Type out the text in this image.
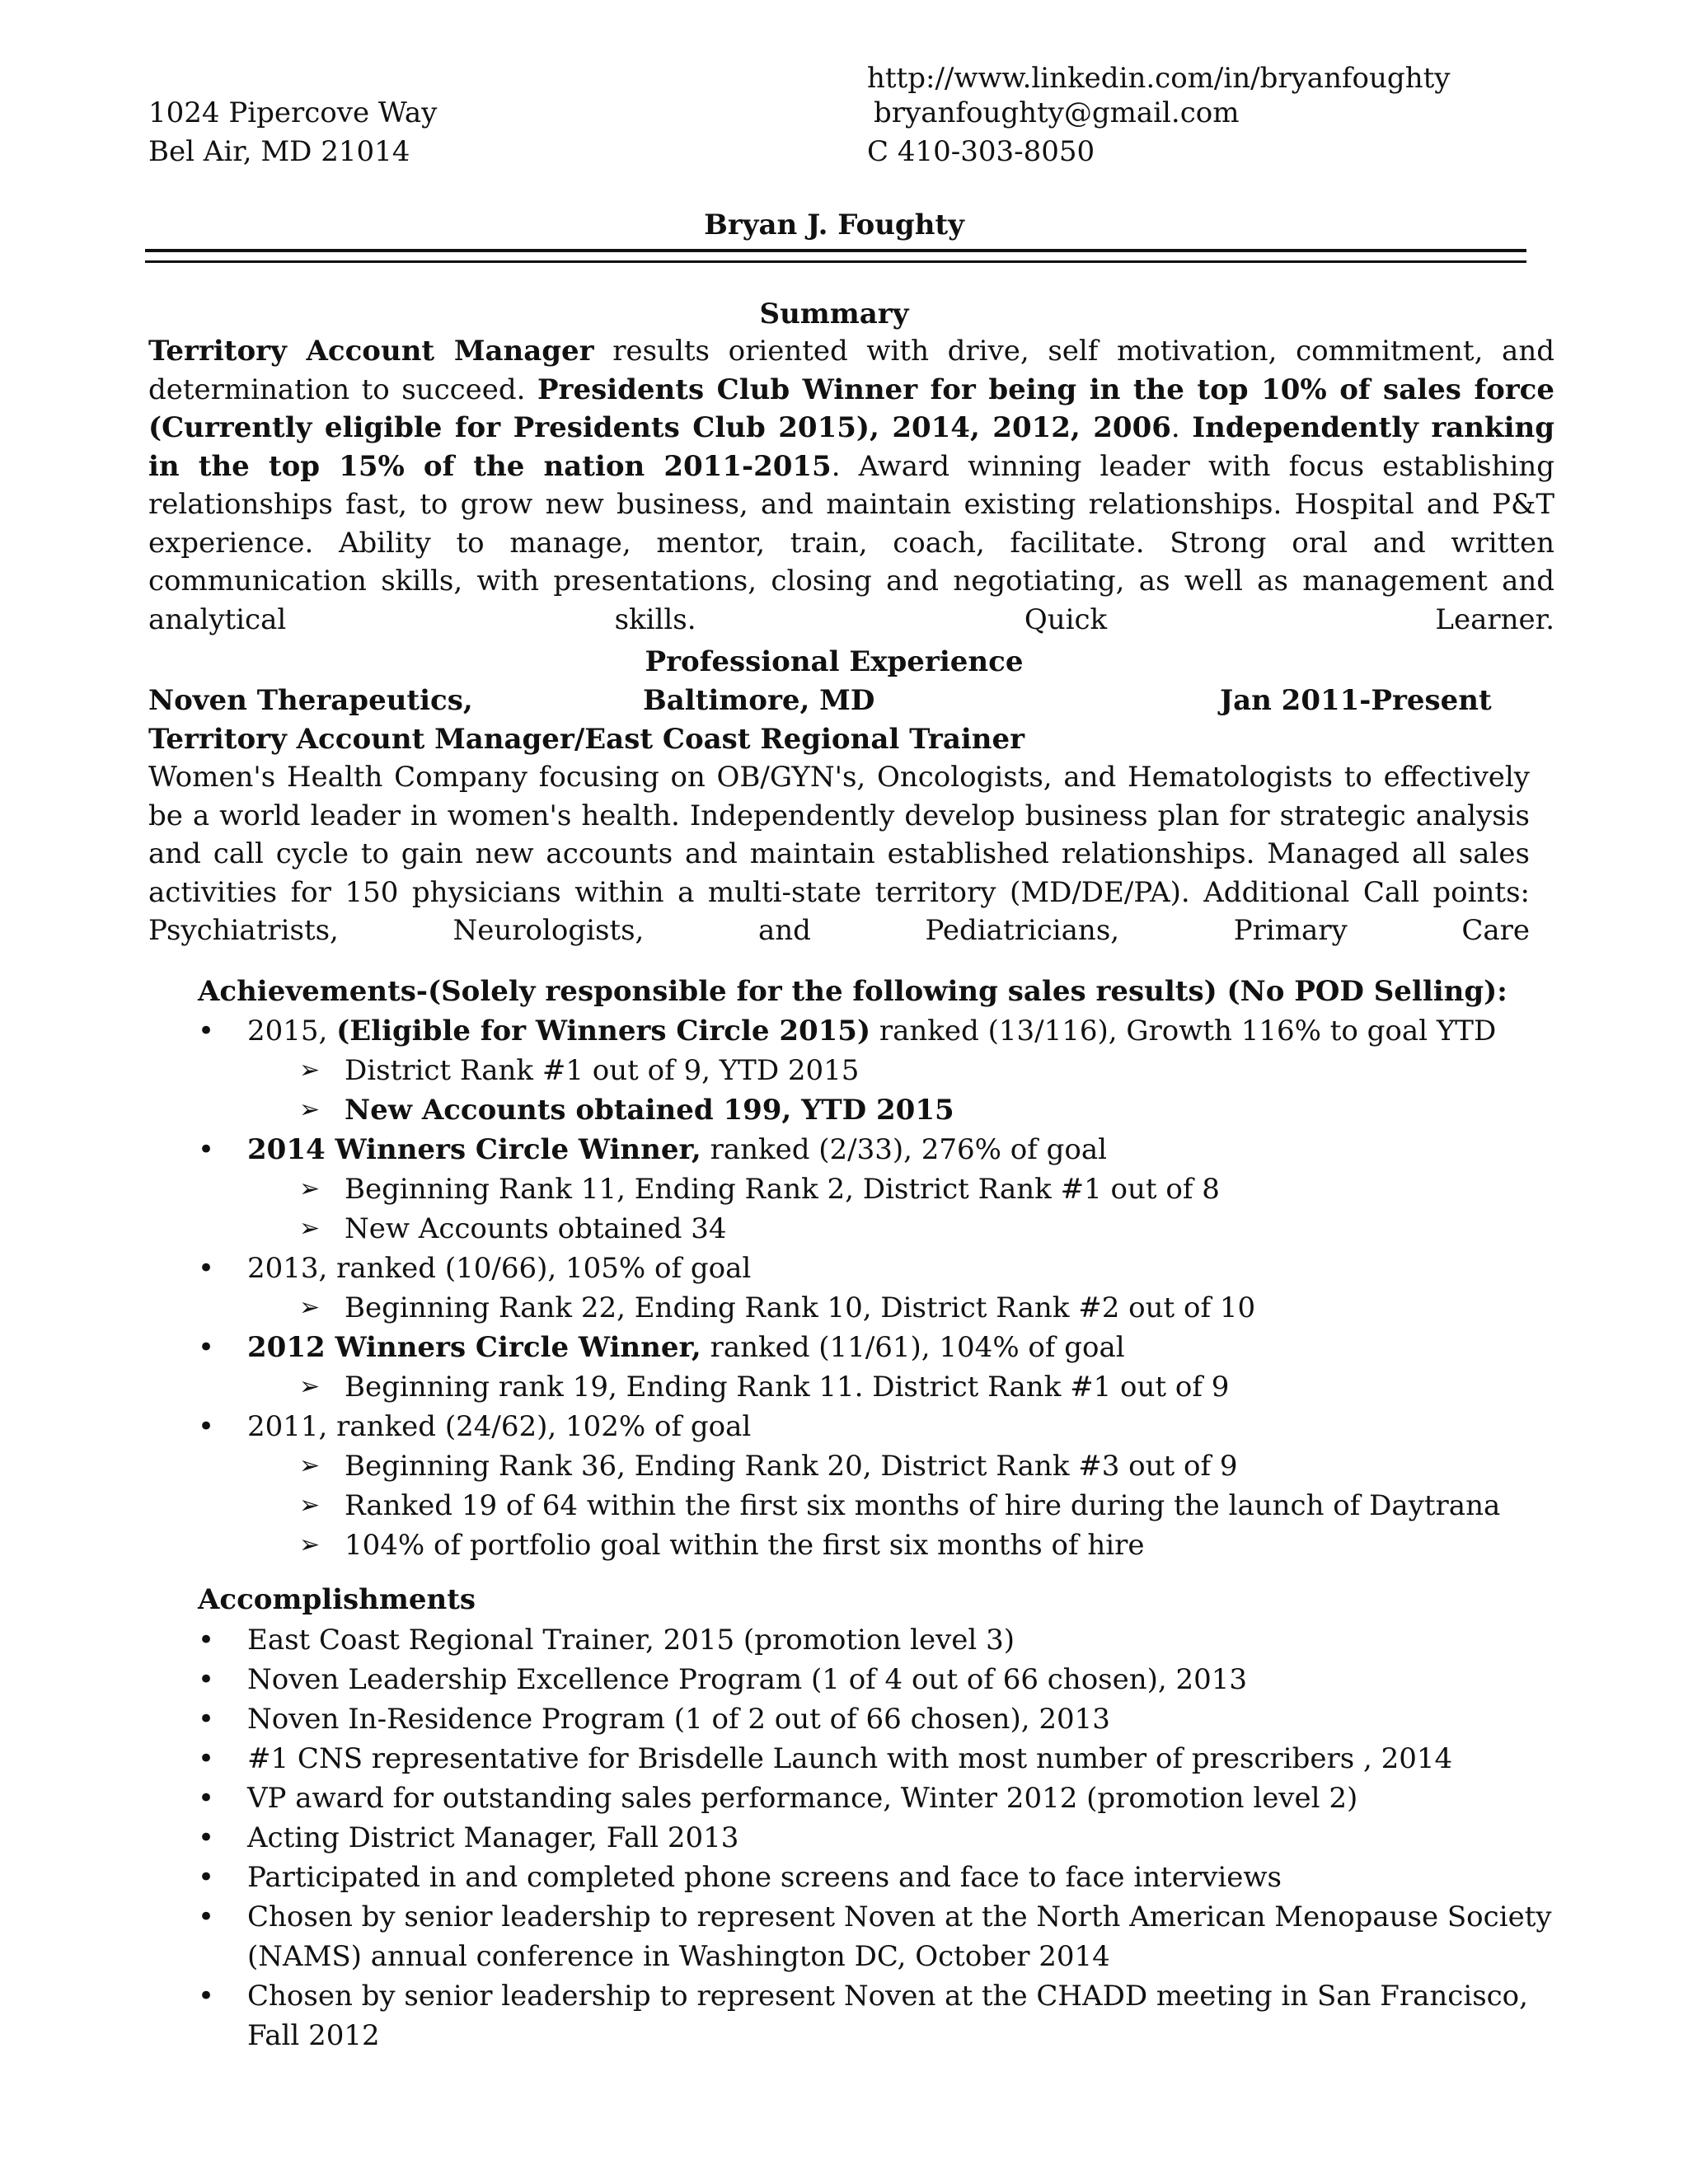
http://www.linkedin.com/in/bryanfoughty
1024 Pipercove Way	bryanfoughty@gmail.com
Bel Air, MD 21014	C 410-303-8050
Bryan J. Foughty
Summary
Territory Account Manager results oriented with drive, self motivation, commitment, and determination to succeed. Presidents Club Winner for being in the top 10% of sales force (Currently eligible for Presidents Club 2015), 2014, 2012, 2006. Independently ranking in the top 15% of the nation 2011-2015. Award winning leader with focus establishing relationships fast, to grow new business, and maintain existing relationships. Hospital and P&T experience. Ability to manage, mentor, train, coach, facilitate. Strong oral and written communication skills, with presentations, closing and negotiating, as well as management and analytical skills. Quick Learner.
Professional Experience
Noven Therapeutics,	Baltimore, MD	Jan 2011-Present
Territory Account Manager/East Coast Regional Trainer
Women's Health Company focusing on OB/GYN's, Oncologists, and Hematologists to effectively be a world leader in women's health. Independently develop business plan for strategic analysis and call cycle to gain new accounts and maintain established relationships. Managed all sales activities for 150 physicians within a multi-state territory (MD/DE/PA). Additional Call points: Psychiatrists, Neurologists, and Pediatricians, Primary Care
Achievements-(Solely responsible for the following sales results) (No POD Selling):
• 2015, (Eligible for Winners Circle 2015) ranked (13/116), Growth 116% to goal YTD
➢ District Rank #1 out of 9, YTD 2015
➢ New Accounts obtained 199, YTD 2015
• 2014 Winners Circle Winner, ranked (2/33), 276% of goal
➢ Beginning Rank 11, Ending Rank 2, District Rank #1 out of 8
➢ New Accounts obtained 34
• 2013, ranked (10/66), 105% of goal
➢ Beginning Rank 22, Ending Rank 10, District Rank #2 out of 10
• 2012 Winners Circle Winner, ranked (11/61), 104% of goal
➢ Beginning rank 19, Ending Rank 11. District Rank #1 out of 9
• 2011, ranked (24/62), 102% of goal
➢ Beginning Rank 36, Ending Rank 20, District Rank #3 out of 9
➢ Ranked 19 of 64 within the first six months of hire during the launch of Daytrana
➢ 104% of portfolio goal within the first six months of hire
Accomplishments
• East Coast Regional Trainer, 2015 (promotion level 3)
• Noven Leadership Excellence Program (1 of 4 out of 66 chosen), 2013
• Noven In-Residence Program (1 of 2 out of 66 chosen), 2013
• #1 CNS representative for Brisdelle Launch with most number of prescribers , 2014
• VP award for outstanding sales performance, Winter 2012 (promotion level 2)
• Acting District Manager, Fall 2013
• Participated in and completed phone screens and face to face interviews
• Chosen by senior leadership to represent Noven at the North American Menopause Society
(NAMS) annual conference in Washington DC, October 2014
• Chosen by senior leadership to represent Noven at the CHADD meeting in San Francisco,
Fall 2012
